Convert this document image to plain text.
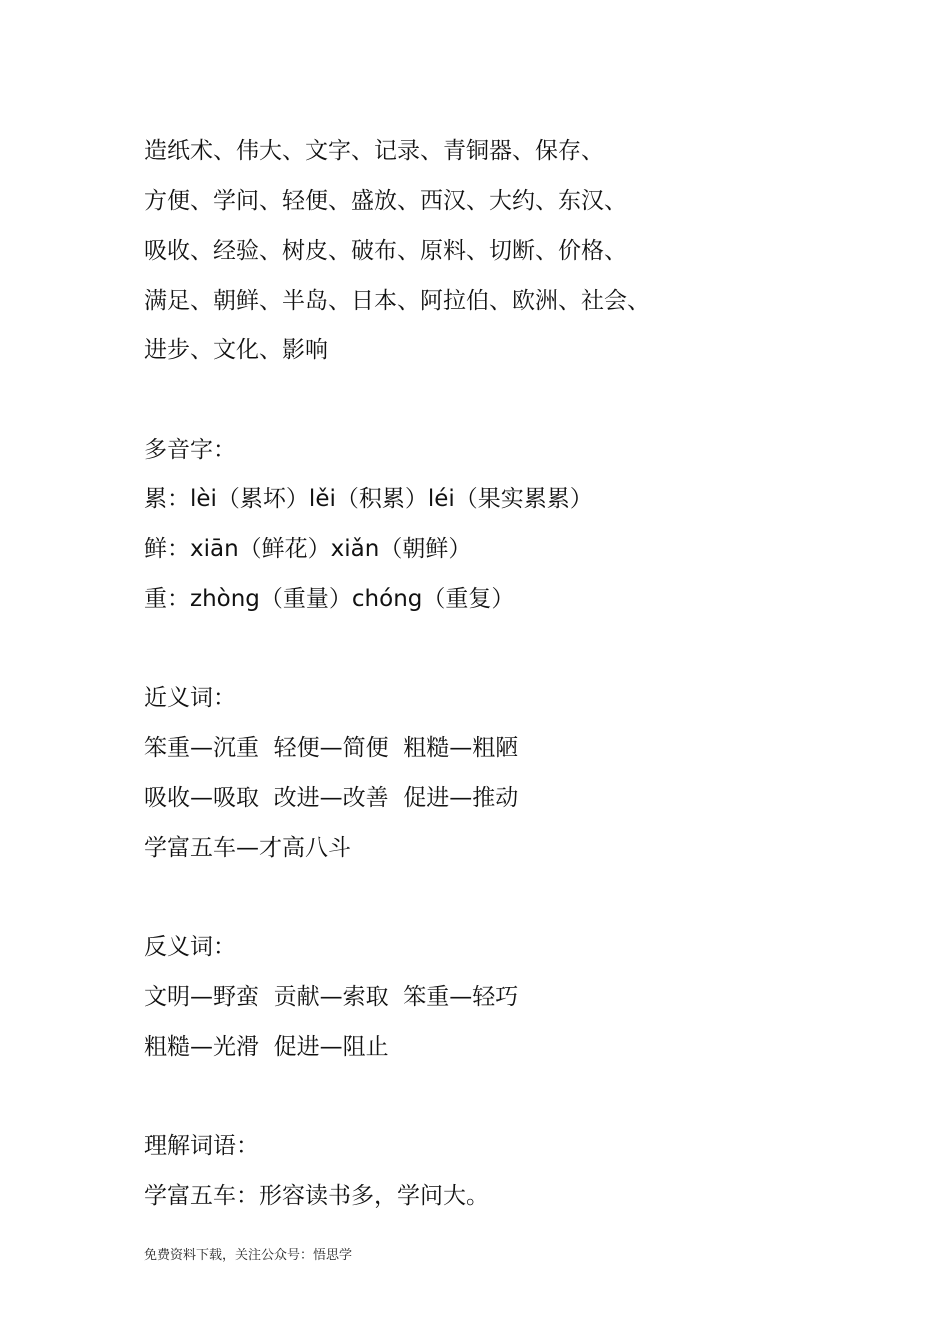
造纸术、伟大、文字、记录、青铜器、保存、
方便、学问、轻便、盛放、西汉、大约、东汉、
吸收、经验、树皮、破布、原料、切断、价格、
满足、朝鲜、半岛、日本、阿拉伯、欧洲、社会、
进步、文化、影响
多音字：
累：lèi（累坏）lěi（积累）léi（果实累累）
鲜：xiān（鲜花）xiǎn（朝鲜）
重：zhòng（重量）chóng（重复）
近义词：
笨重—沉重  轻便—简便  粗糙—粗陋
吸收—吸取  改进—改善  促进—推动
学富五车—才高八斗
反义词：
文明—野蛮  贡献—索取  笨重—轻巧
粗糙—光滑  促进—阻止
理解词语：
学富五车：形容读书多，学问大。
免费资料下载，关注公众号：悟思学
